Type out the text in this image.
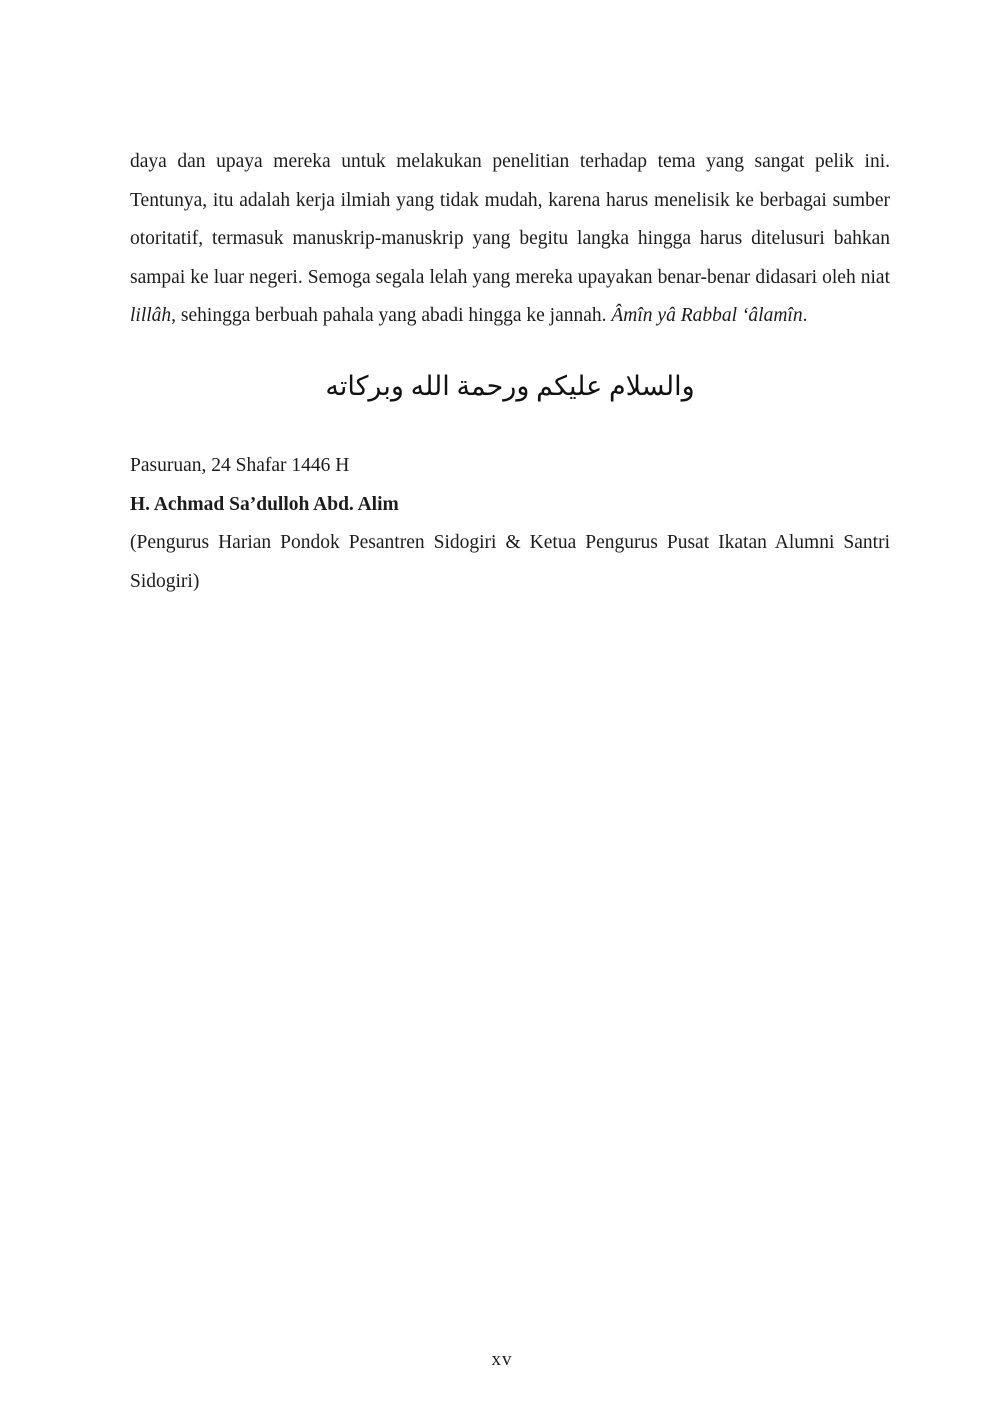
daya dan upaya mereka untuk melakukan penelitian terhadap tema yang sangat pelik ini. Tentunya, itu adalah kerja ilmiah yang tidak mudah, karena harus menelisik ke berbagai sumber otoritatif, termasuk manuskrip-manuskrip yang begitu langka hingga harus ditelusuri bahkan sampai ke luar negeri. Semoga segala lelah yang mereka upayakan benar-benar didasari oleh niat lillâh, sehingga berbuah pahala yang abadi hingga ke jannah. Âmîn yâ Rabbal ‘âlamîn.

والسلام عليكم ورحمة الله وبركاته

Pasuruan, 24 Shafar 1446 H

H. Achmad Sa’dulloh Abd. Alim

(Pengurus Harian Pondok Pesantren Sidogiri & Ketua Pengurus Pusat Ikatan Alumni Santri Sidogiri)

xv
